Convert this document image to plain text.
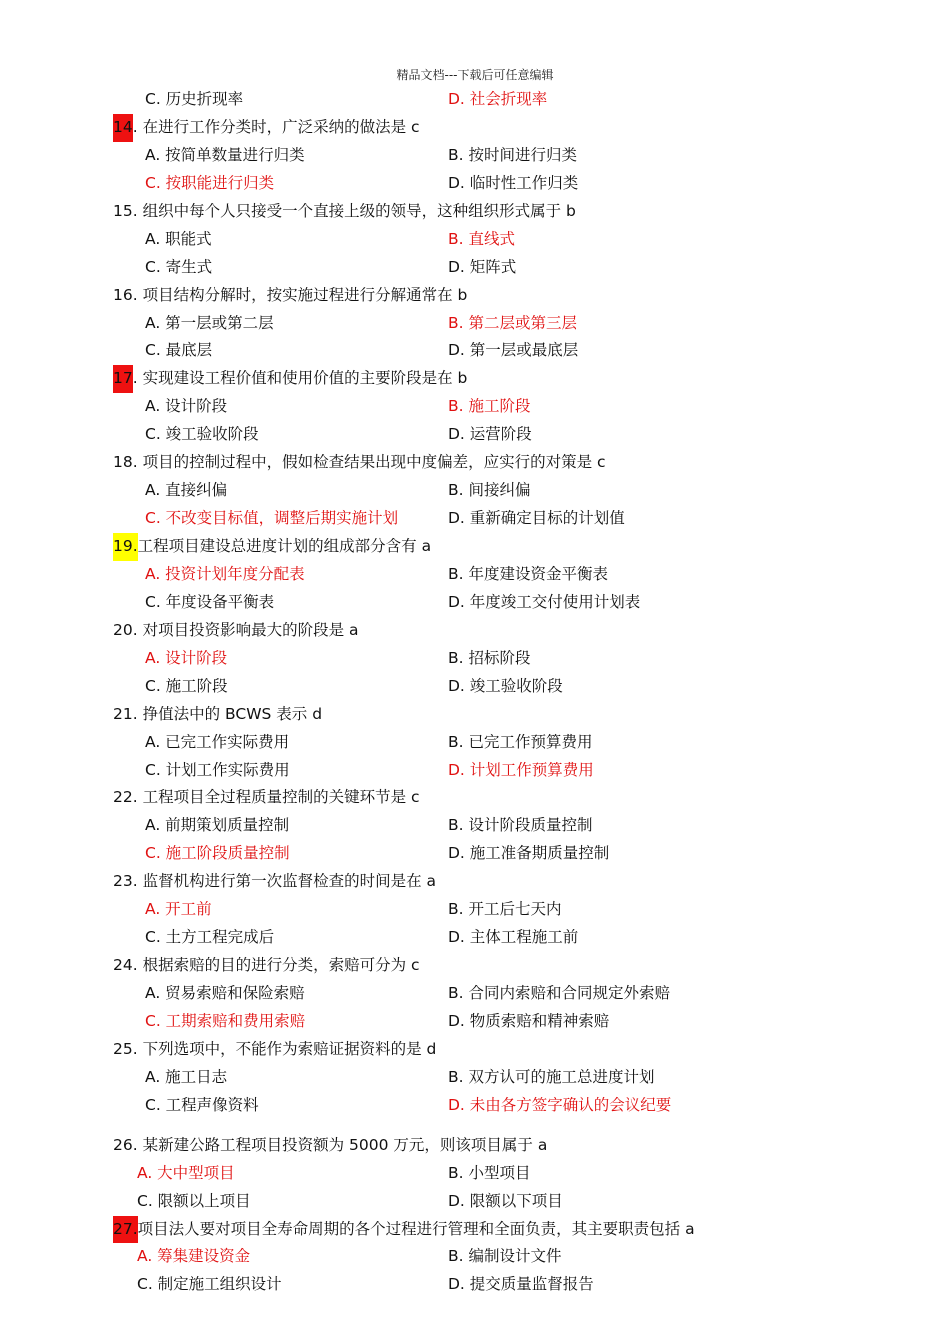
精品文档---下载后可任意编辑
C. 历史折现率	D. 社会折现率
14. 在进行工作分类时，广泛采纳的做法是 c
A. 按简单数量进行归类	B. 按时间进行归类
C. 按职能进行归类	D. 临时性工作归类
15. 组织中每个人只接受一个直接上级的领导，这种组织形式属于 b
A. 职能式	B. 直线式
C. 寄生式	D. 矩阵式
16. 项目结构分解时，按实施过程进行分解通常在 b
A. 第一层或第二层	B. 第二层或第三层
C. 最底层	D. 第一层或最底层
17. 实现建设工程价值和使用价值的主要阶段是在 b
A. 设计阶段	B. 施工阶段
C. 竣工验收阶段	D. 运营阶段
18. 项目的控制过程中，假如检查结果出现中度偏差，应实行的对策是 c
A. 直接纠偏	B. 间接纠偏
C. 不改变目标值，调整后期实施计划	D. 重新确定目标的计划值
19.工程项目建设总进度计划的组成部分含有 a
A. 投资计划年度分配表	B. 年度建设资金平衡表
C. 年度设备平衡表	D. 年度竣工交付使用计划表
20. 对项目投资影响最大的阶段是 a
A. 设计阶段	B. 招标阶段
C. 施工阶段	D. 竣工验收阶段
21. 挣值法中的 BCWS 表示 d
A. 已完工作实际费用	B. 已完工作预算费用
C. 计划工作实际费用	D. 计划工作预算费用
22. 工程项目全过程质量控制的关键环节是 c
A. 前期策划质量控制	B. 设计阶段质量控制
C. 施工阶段质量控制	D. 施工准备期质量控制
23. 监督机构进行第一次监督检查的时间是在 a
A. 开工前	B. 开工后七天内
C. 土方工程完成后	D. 主体工程施工前
24. 根据索赔的目的进行分类，索赔可分为 c
A. 贸易索赔和保险索赔	B. 合同内索赔和合同规定外索赔
C. 工期索赔和费用索赔	D. 物质索赔和精神索赔
25. 下列选项中，不能作为索赔证据资料的是 d
A. 施工日志	B. 双方认可的施工总进度计划
C. 工程声像资料	D. 未由各方签字确认的会议纪要
26. 某新建公路工程项目投资额为 5000 万元，则该项目属于 a
A. 大中型项目	B. 小型项目
C. 限额以上项目	D. 限额以下项目
27.项目法人要对项目全寿命周期的各个过程进行管理和全面负责，其主要职责包括 a
A. 筹集建设资金	B. 编制设计文件
C. 制定施工组织设计	D. 提交质量监督报告
